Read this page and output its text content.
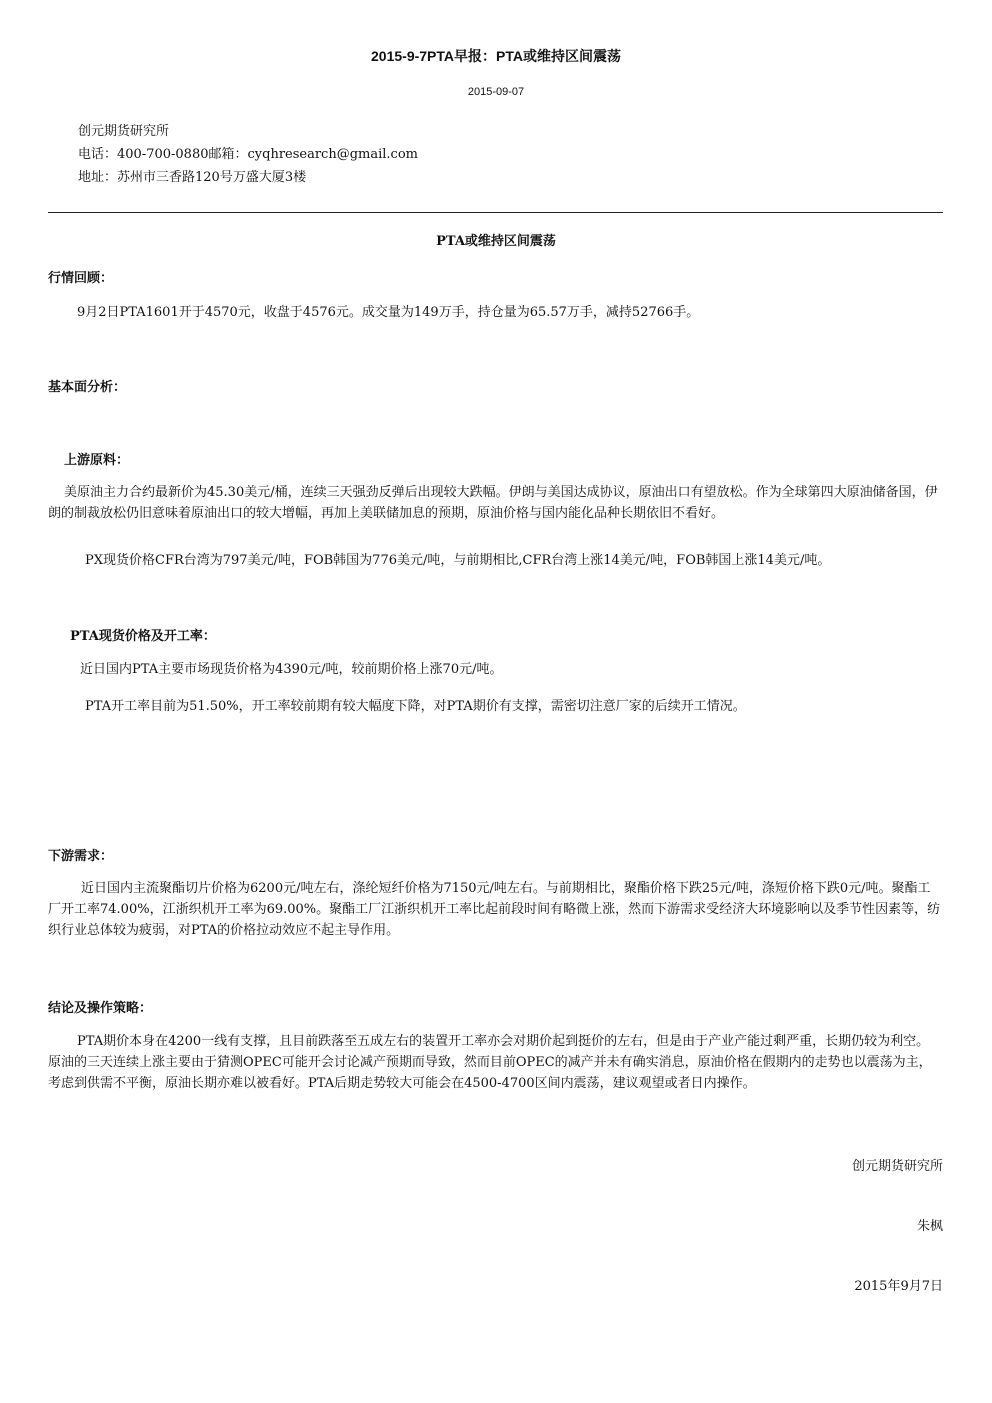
2015-9-7PTA早报：PTA或维持区间震荡
2015-09-07
创元期货研究所
电话：400-700-0880邮箱：cyqhresearch@gmail.com
地址：苏州市三香路120号万盛大厦3楼
PTA或维持区间震荡
行情回顾：
9月2日PTA1601开于4570元，收盘于4576元。成交量为149万手，持仓量为65.57万手，减持52766手。
基本面分析：
上游原料：
美原油主力合约最新价为45.30美元/桶，连续三天强劲反弹后出现较大跌幅。伊朗与美国达成协议，原油出口有望放松。作为全球第四大原油储备国，伊朗的制裁放松仍旧意味着原油出口的较大增幅，再加上美联储加息的预期，原油价格与国内能化品种长期依旧不看好。
PX现货价格CFR台湾为797美元/吨，FOB韩国为776美元/吨，与前期相比,CFR台湾上涨14美元/吨，FOB韩国上涨14美元/吨。
PTA现货价格及开工率：
近日国内PTA主要市场现货价格为4390元/吨，较前期价格上涨70元/吨。
PTA开工率目前为51.50%，开工率较前期有较大幅度下降，对PTA期价有支撑，需密切注意厂家的后续开工情况。
下游需求：
近日国内主流聚酯切片价格为6200元/吨左右，涤纶短纤价格为7150元/吨左右。与前期相比，聚酯价格下跌25元/吨，涤短价格下跌0元/吨。聚酯工厂开工率74.00%，江浙织机开工率为69.00%。聚酯工厂江浙织机开工率比起前段时间有略微上涨，然而下游需求受经济大环境影响以及季节性因素等，纺织行业总体较为疲弱，对PTA的价格拉动效应不起主导作用。
结论及操作策略：
PTA期价本身在4200一线有支撑，且目前跌落至五成左右的装置开工率亦会对期价起到挺价的左右，但是由于产业产能过剩严重，长期仍较为利空。原油的三天连续上涨主要由于猜测OPEC可能开会讨论减产预期而导致，然而目前OPEC的减产并未有确实消息，原油价格在假期内的走势也以震荡为主，考虑到供需不平衡，原油长期亦难以被看好。PTA后期走势较大可能会在4500-4700区间内震荡，建议观望或者日内操作。
创元期货研究所
朱枫
2015年9月7日
